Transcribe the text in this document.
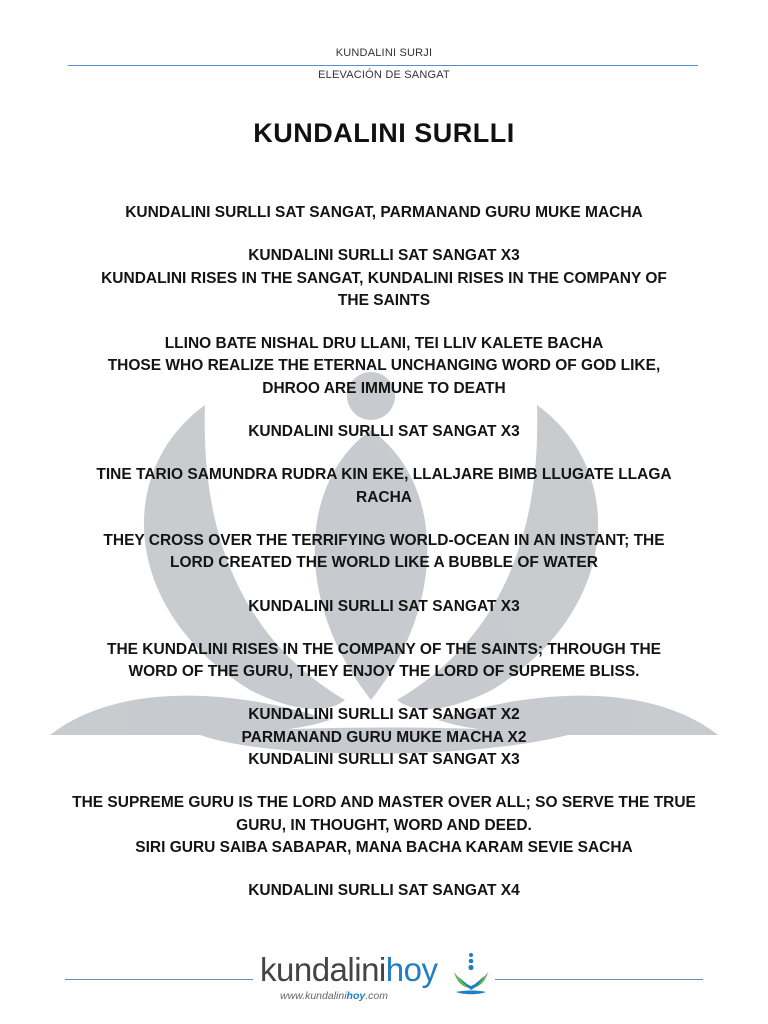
KUNDALINI SURJI
ELEVACIÓN DE SANGAT
KUNDALINI SURLLI
KUNDALINI SURLLI SAT SANGAT, PARMANAND GURU MUKE MACHA
KUNDALINI SURLLI SAT SANGAT X3
KUNDALINI RISES IN THE SANGAT, KUNDALINI RISES IN THE COMPANY OF
THE SAINTS
LLINO BATE NISHAL DRU LLANI, TEI LLIV KALETE BACHA
THOSE WHO REALIZE THE ETERNAL UNCHANGING WORD OF GOD LIKE,
DHROO ARE IMMUNE TO DEATH
KUNDALINI SURLLI SAT SANGAT X3
TINE TARIO SAMUNDRA RUDRA KIN EKE, LLALJARE BIMB LLUGATE LLAGA
RACHA
THEY CROSS OVER THE TERRIFYING WORLD-OCEAN IN AN INSTANT; THE
LORD CREATED THE WORLD LIKE A BUBBLE OF WATER
KUNDALINI SURLLI SAT SANGAT X3
THE KUNDALINI RISES IN THE COMPANY OF THE SAINTS; THROUGH THE
WORD OF THE GURU, THEY ENJOY THE LORD OF SUPREME BLISS.
KUNDALINI SURLLI SAT SANGAT X2
PARMANAND GURU MUKE MACHA X2
KUNDALINI SURLLI SAT SANGAT X3
THE SUPREME GURU IS THE LORD AND MASTER OVER ALL; SO SERVE THE TRUE
GURU, IN THOUGHT, WORD AND DEED.
SIRI GURU SAIBA SABAPAR, MANA BACHA KARAM SEVIE SACHA
KUNDALINI SURLLI SAT SANGAT X4
kundalinihoy
www.kundalinihoy.com
